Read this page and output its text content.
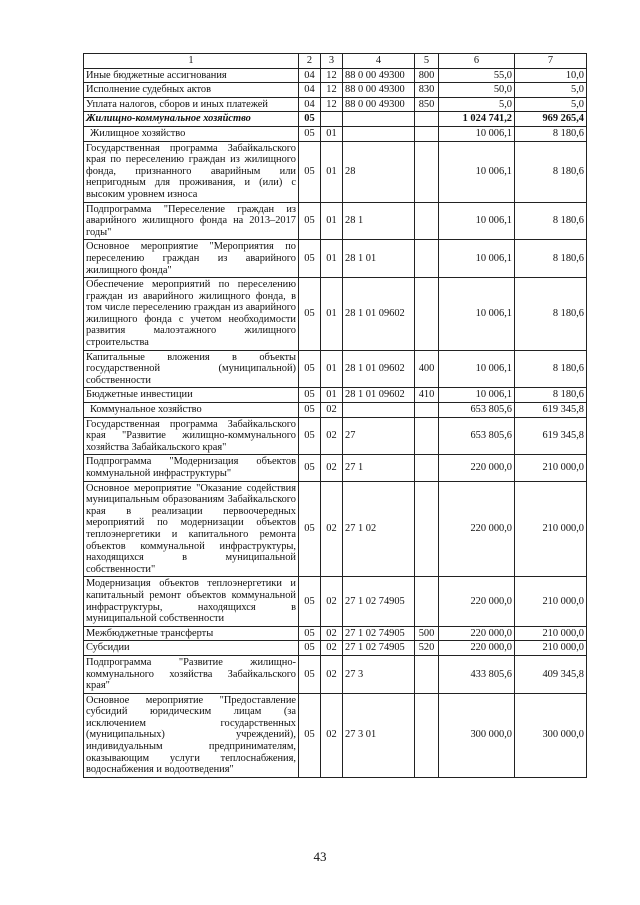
1	2	3	4	5	6	7
Иные бюджетные ассигнования	04	12	88 0 00 49300	800	55,0	10,0
Исполнение судебных актов	04	12	88 0 00 49300	830	50,0	5,0
Уплата налогов, сборов и иных платежей	04	12	88 0 00 49300	850	5,0	5,0
Жилищно-коммунальное хозяйство	05				1 024 741,2	969 265,4
Жилищное хозяйство	05	01			10 006,1	8 180,6
Государственная программа Забайкальского края по переселению граждан из жилищного фонда, признанного аварийным или непригодным для проживания, и (или) с высоким уровнем износа	05	01	28		10 006,1	8 180,6
Подпрограмма "Переселение граждан из аварийного жилищного фонда на 2013–2017 годы"	05	01	28 1		10 006,1	8 180,6
Основное мероприятие "Мероприятия по переселению граждан из аварийного жилищного фонда"	05	01	28 1 01		10 006,1	8 180,6
Обеспечение мероприятий по переселению граждан из аварийного жилищного фонда, в том числе переселению граждан из аварийного жилищного фонда с учетом необходимости развития малоэтажного жилищного строительства	05	01	28 1 01 09602		10 006,1	8 180,6
Капитальные вложения в объекты государственной (муниципальной) собственности	05	01	28 1 01 09602	400	10 006,1	8 180,6
Бюджетные инвестиции	05	01	28 1 01 09602	410	10 006,1	8 180,6
Коммунальное хозяйство	05	02			653 805,6	619 345,8
Государственная программа Забайкальского края "Развитие жилищно-коммунального хозяйства Забайкальского края"	05	02	27		653 805,6	619 345,8
Подпрограмма "Модернизация объектов коммунальной инфраструктуры"	05	02	27 1		220 000,0	210 000,0
Основное мероприятие "Оказание содействия муниципальным образованиям Забайкальского края в реализации первоочередных мероприятий по модернизации объектов теплоэнергетики и капитального ремонта объектов коммунальной инфраструктуры, находящихся в муниципальной собственности"	05	02	27 1 02		220 000,0	210 000,0
Модернизация объектов теплоэнергетики и капитальный ремонт объектов коммунальной инфраструктуры, находящихся в муниципальной собственности	05	02	27 1 02 74905		220 000,0	210 000,0
Межбюджетные трансферты	05	02	27 1 02 74905	500	220 000,0	210 000,0
Субсидии	05	02	27 1 02 74905	520	220 000,0	210 000,0
Подпрограмма "Развитие жилищно-коммунального хозяйства Забайкальского края"	05	02	27 3		433 805,6	409 345,8
Основное мероприятие "Предоставление субсидий юридическим лицам (за исключением государственных (муниципальных) учреждений), индивидуальным предпринимателям, оказывающим услуги теплоснабжения, водоснабжения и водоотведения"	05	02	27 3 01		300 000,0	300 000,0
43
